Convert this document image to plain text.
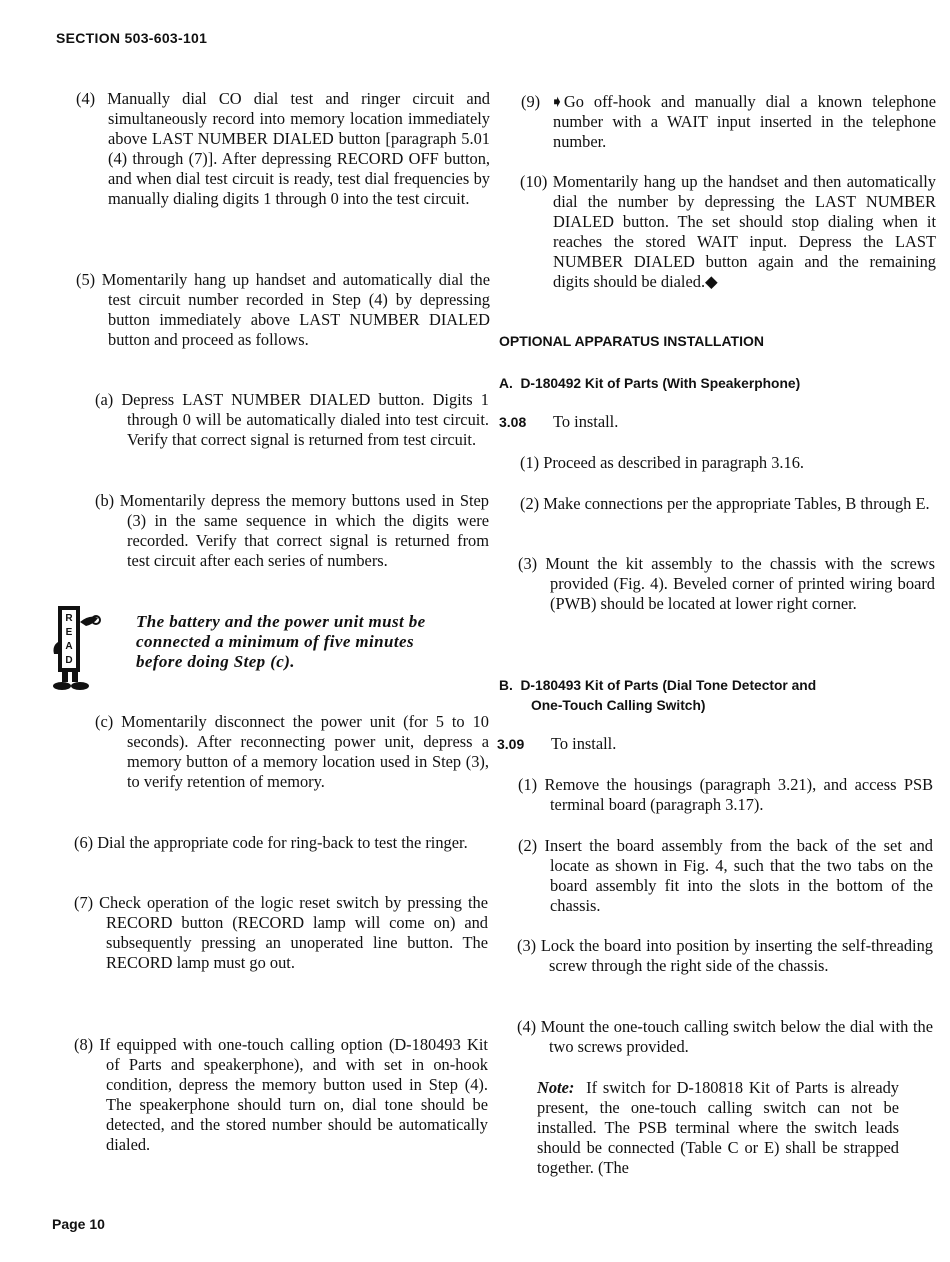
SECTION 503-603-101

(4) Manually dial CO dial test and ringer circuit and simultaneously record into memory location immediately above LAST NUMBER DIALED button [paragraph 5.01 (4) through (7)]. After depressing RECORD OFF button, and when dial test circuit is ready, test dial frequencies by manually dialing digits 1 through 0 into the test circuit.

(5) Momentarily hang up handset and automatically dial the test circuit number recorded in Step (4) by depressing button immediately above LAST NUMBER DIALED button and proceed as follows.

(a) Depress LAST NUMBER DIALED button. Digits 1 through 0 will be automatically dialed into test circuit. Verify that correct signal is returned from test circuit.

(b) Momentarily depress the memory buttons used in Step (3) in the same sequence in which the digits were recorded. Verify that correct signal is returned from test circuit after each series of numbers.

R
E
A
D

The battery and the power unit must be connected a minimum of five minutes before doing Step (c).

(c) Momentarily disconnect the power unit (for 5 to 10 seconds). After reconnecting power unit, depress a memory button of a memory location used in Step (3), to verify retention of memory.

(6) Dial the appropriate code for ring-back to test the ringer.

(7) Check operation of the logic reset switch by pressing the RECORD button (RECORD lamp will come on) and subsequently pressing an unoperated line button. The RECORD lamp must go out.

(8) If equipped with one-touch calling option (D-180493 Kit of Parts and speakerphone), and with set in on-hook condition, depress the memory button used in Step (4). The speakerphone should turn on, dial tone should be detected, and the stored number should be automatically dialed.

(9) ➧Go off-hook and manually dial a known telephone number with a WAIT input inserted in the telephone number.

(10) Momentarily hang up the handset and then automatically dial the number by depressing the LAST NUMBER DIALED button. The set should stop dialing when it reaches the stored WAIT input. Depress the LAST NUMBER DIALED button again and the remaining digits should be dialed.◆

OPTIONAL APPARATUS INSTALLATION
A.  D-180492 Kit of Parts (With Speakerphone)
3.08 To install.

(1) Proceed as described in paragraph 3.16.

(2) Make connections per the appropriate Tables, B through E.

(3) Mount the kit assembly to the chassis with the screws provided (Fig. 4). Beveled corner of printed wiring board (PWB) should be located at lower right corner.

B.  D-180493 Kit of Parts (Dial Tone Detector and
One-Touch Calling Switch)
3.09 To install.

(1) Remove the housings (paragraph 3.21), and access PSB terminal board (paragraph 3.17).

(2) Insert the board assembly from the back of the set and locate as shown in Fig. 4, such that the two tabs on the board assembly fit into the slots in the bottom of the chassis.

(3) Lock the board into position by inserting the self-threading screw through the right side of the chassis.

(4) Mount the one-touch calling switch below the dial with the two screws provided.

Note: If switch for D-180818 Kit of Parts is already present, the one-touch calling switch can not be installed. The PSB terminal where the switch leads should be connected (Table C or E) shall be strapped together. (The

Page 10
